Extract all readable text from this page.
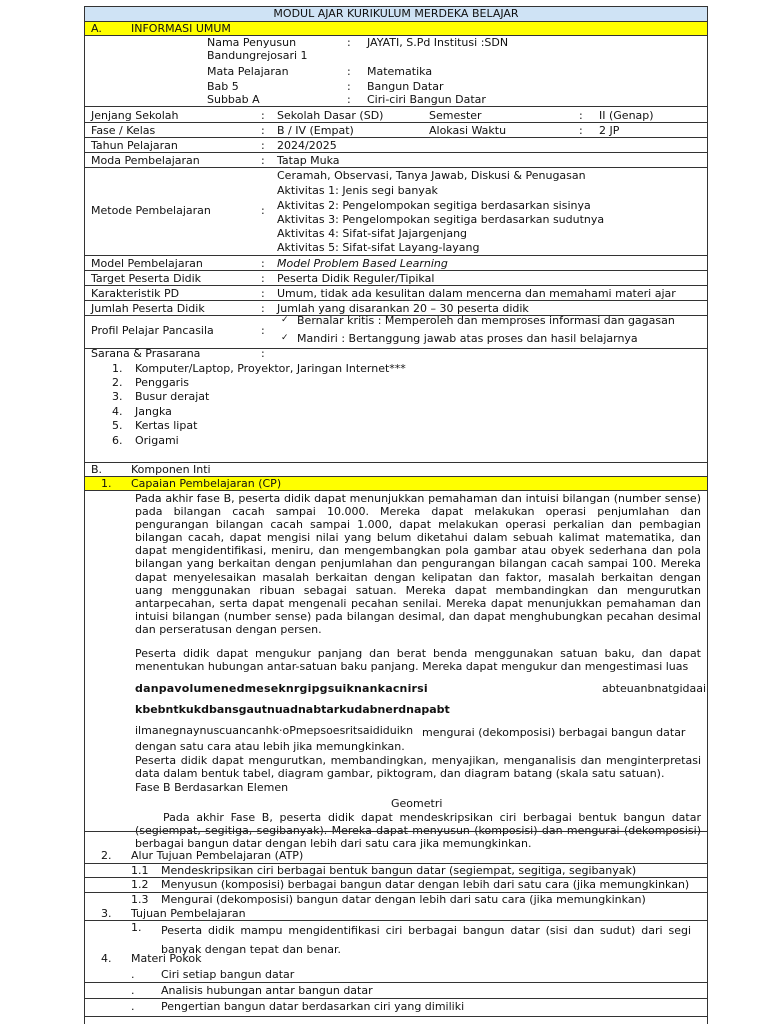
MODUL AJAR KURIKULUM MERDEKA BELAJAR
A.	INFORMASI UMUM
Nama Penyusun	: JAYATI, S.Pd Institusi :SDN
Bandungrejosari 1
Mata Pelajaran	: Matematika
Bab 5	: Bangun Datar
Subbab A	: Ciri-ciri Bangun Datar
Jenjang Sekolah	: Sekolah Dasar (SD)	Semester	: II (Genap)
Fase / Kelas	: B / IV (Empat)	Alokasi Waktu	: 2 JP
Tahun Pelajaran	: 2024/2025
Moda Pembelajaran	: Tatap Muka
Metode Pembelajaran	:
Ceramah, Observasi, Tanya Jawab, Diskusi & Penugasan
Aktivitas 1: Jenis segi banyak
Aktivitas 2: Pengelompokan segitiga berdasarkan sisinya
Aktivitas 3: Pengelompokan segitiga berdasarkan sudutnya
Aktivitas 4: Sifat-sifat Jajargenjang
Aktivitas 5: Sifat-sifat Layang-layang
Model Pembelajaran	: Model Problem Based Learning
Target Peserta Didik	: Peserta Didik Reguler/Tipikal
Karakteristik PD	: Umum, tidak ada kesulitan dalam mencerna dan memahami materi ajar
Jumlah Peserta Didik	: Jumlah yang disarankan 20 – 30 peserta didik
Profil Pelajar Pancasila	:
✓ Bernalar kritis : Memperoleh dan memproses informasi dan gagasan
✓ Mandiri : Bertanggung jawab atas proses dan hasil belajarnya
Sarana & Prasarana	:
1. Komputer/Laptop, Proyektor, Jaringan Internet***
2. Penggaris
3. Busur derajat
4. Jangka
5. Kertas lipat
6. Origami
B.	Komponen Inti
1. Capaian Pembelajaran (CP)
Pada akhir fase B, peserta didik dapat menunjukkan pemahaman dan intuisi bilangan (number sense) pada bilangan cacah sampai 10.000. Mereka dapat melakukan operasi penjumlahan dan pengurangan bilangan cacah sampai 1.000, dapat melakukan operasi perkalian dan pembagian bilangan cacah, dapat mengisi nilai yang belum diketahui dalam sebuah kalimat matematika, dan dapat mengidentifikasi, meniru, dan mengembangkan pola gambar atau obyek sederhana dan pola bilangan yang berkaitan dengan penjumlahan dan pengurangan bilangan cacah sampai 100. Mereka dapat menyelesaikan masalah berkaitan dengan kelipatan dan faktor, masalah berkaitan dengan uang menggunakan ribuan sebagai satuan. Mereka dapat membandingkan dan mengurutkan antarpecahan, serta dapat mengenali pecahan senilai. Mereka dapat menunjukkan pemahaman dan intuisi bilangan (number sense) pada bilangan desimal, dan dapat menghubungkan pecahan desimal dan perseratusan dengan persen.
Peserta didik dapat mengukur panjang dan berat benda menggunakan satuan baku, dan dapat menentukan hubungan antar-satuan baku panjang. Mereka dapat mengukur dan mengestimasi luas
danpavolumenedmeseknrgipgsuiknankacnirsi	abteuanbnatgidaai
kbebntkukdbansgautnuadnabtarkudabnerdnapabt
ilmanegnaynuscuancanhk·oPmepsoesritsaididuikn mengurai (dekomposisi) berbagai bangun datar
dengan satu cara atau lebih jika memungkinkan.
Peserta didik dapat mengurutkan, membandingkan, menyajikan, menganalisis dan menginterpretasi data dalam bentuk tabel, diagram gambar, piktogram, dan diagram batang (skala satu satuan).
Fase B Berdasarkan Elemen
Geometri
Pada akhir Fase B, peserta didik dapat mendeskripsikan ciri berbagai bentuk bangun datar (segiempat, segitiga, segibanyak). Mereka dapat menyusun (komposisi) dan mengurai (dekomposisi) berbagai bangun datar dengan lebih dari satu cara jika memungkinkan.
2. Alur Tujuan Pembelajaran (ATP)
1.1 Mendeskripsikan ciri berbagai bentuk bangun datar (segiempat, segitiga, segibanyak)
1.2 Menyusun (komposisi) berbagai bangun datar dengan lebih dari satu cara (jika memungkinkan)
1.3 Mengurai (dekomposisi) bangun datar dengan lebih dari satu cara (jika memungkinkan)
3. Tujuan Pembelajaran
1. Peserta didik mampu mengidentifikasi ciri berbagai bangun datar (sisi dan sudut) dari segi banyak dengan tepat dan benar.
4. Materi Pokok
. Ciri setiap bangun datar
. Analisis hubungan antar bangun datar
. Pengertian bangun datar berdasarkan ciri yang dimiliki
